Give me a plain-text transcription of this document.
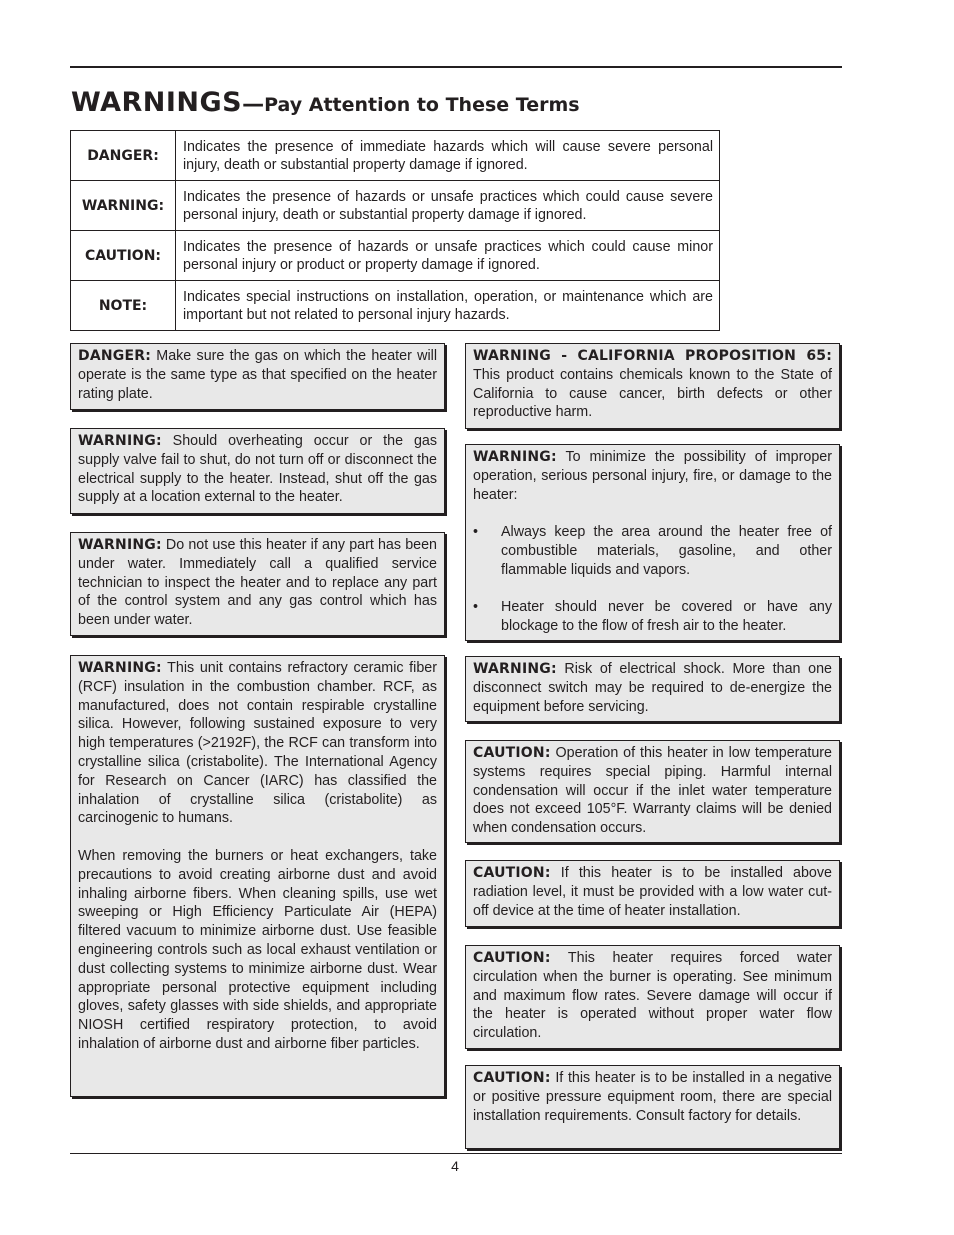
WARNINGS—Pay Attention to These Terms
DANGER:	Indicates the presence of immediate hazards which will cause severe personal injury, death or substantial property damage if ignored.
WARNING:	Indicates the presence of hazards or unsafe practices which could cause severe personal injury, death or substantial property damage if ignored.
CAUTION:	Indicates the presence of hazards or unsafe practices which could cause minor personal injury or product or property damage if ignored.
NOTE:	Indicates special instructions on installation, operation, or maintenance which are important but not related to personal injury hazards.

DANGER: Make sure the gas on which the heater will operate is the same type as that specified on the heater rating plate.

WARNING: Should overheating occur or the gas supply valve fail to shut, do not turn off or disconnect the electrical supply to the heater. Instead, shut off the gas supply at a location external to the heater.

WARNING: Do not use this heater if any part has been under water. Immediately call a qualified service technician to inspect the heater and to replace any part of the control system and any gas control which has been under water.

WARNING: This unit contains refractory ceramic fiber (RCF) insulation in the combustion chamber. RCF, as manufactured, does not contain respirable crystalline silica. However, following sustained exposure to very high temperatures (>2192F), the RCF can transform into crystalline silica (cristabolite). The International Agency for Research on Cancer (IARC) has classified the inhalation of crystalline silica (cristabolite) as carcinogenic to humans.

When removing the burners or heat exchangers, take precautions to avoid creating airborne dust and avoid inhaling airborne fibers. When cleaning spills, use wet sweeping or High Efficiency Particulate Air (HEPA) filtered vacuum to minimize airborne dust. Use feasible engineering controls such as local exhaust ventilation or dust collecting systems to minimize airborne dust. Wear appropriate personal protective equipment including gloves, safety glasses with side shields, and appropriate NIOSH certified respiratory protection, to avoid inhalation of airborne dust and airborne fiber particles.

WARNING - CALIFORNIA PROPOSITION 65: This product contains chemicals known to the State of California to cause cancer, birth defects or other reproductive harm.

WARNING: To minimize the possibility of improper operation, serious personal injury, fire, or damage to the heater:

• Always keep the area around the heater free of combustible materials, gasoline, and other flammable liquids and vapors.
• Heater should never be covered or have any blockage to the flow of fresh air to the heater.

WARNING: Risk of electrical shock. More than one disconnect switch may be required to de-energize the equipment before servicing.

CAUTION: Operation of this heater in low temperature systems requires special piping. Harmful internal condensation will occur if the inlet water temperature does not exceed 105°F. Warranty claims will be denied when condensation occurs.

CAUTION: If this heater is to be installed above radiation level, it must be provided with a low water cut-off device at the time of heater installation.

CAUTION: This heater requires forced water circulation when the burner is operating. See minimum and maximum flow rates. Severe damage will occur if the heater is operated without proper water flow circulation.

CAUTION: If this heater is to be installed in a negative or positive pressure equipment room, there are special installation requirements. Consult factory for details.

4
